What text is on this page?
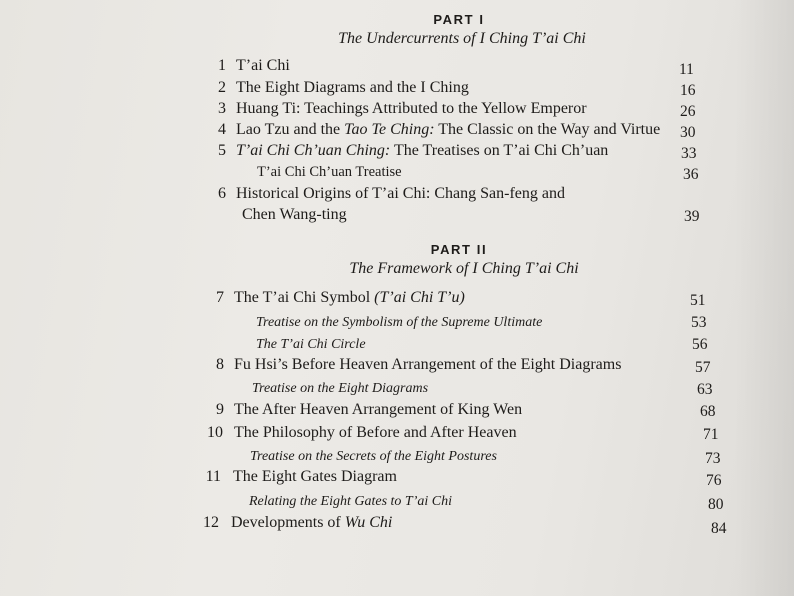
PART I
The Undercurrents of I Ching T’ai Chi
1 T’ai Chi	11
2 The Eight Diagrams and the I Ching	16
3 Huang Ti: Teachings Attributed to the Yellow Emperor	26
4 Lao Tzu and the Tao Te Ching: The Classic on the Way and Virtue 30
5 T’ai Chi Ch’uan Ching: The Treatises on T’ai Chi Ch’uan	33
T’ai Chi Ch’uan Treatise	36
6 Historical Origins of T’ai Chi: Chang San-feng and
Chen Wang-ting	39
PART II
The Framework of I Ching T’ai Chi
7 The T’ai Chi Symbol (T’ai Chi T’u)	51
Treatise on the Symbolism of the Supreme Ultimate	53
The T’ai Chi Circle	56
8 Fu Hsi’s Before Heaven Arrangement of the Eight Diagrams	57
Treatise on the Eight Diagrams	63
9 The After Heaven Arrangement of King Wen	68
10 The Philosophy of Before and After Heaven	71
Treatise on the Secrets of the Eight Postures	73
11 The Eight Gates Diagram	76
Relating the Eight Gates to T’ai Chi	80
12 Developments of Wu Chi	84
